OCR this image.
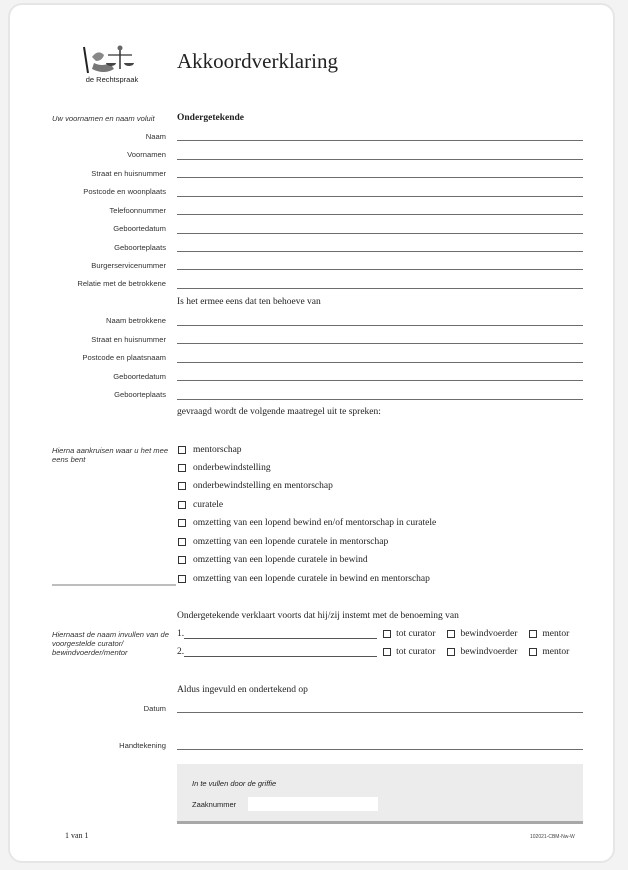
de Rechtspraak
Akkoordverklaring
Uw voornamen en naam voluit	Ondergetekende
Naam
Voornamen
Straat en huisnummer
Postcode en woonplaats
Telefoonnummer
Geboortedatum
Geboorteplaats
Burgerservicenummer
Relatie met de betrokkene
Is het ermee eens dat ten behoeve van
Naam betrokkene
Straat en huisnummer
Postcode en plaatsnaam
Geboortedatum
Geboorteplaats
gevraagd wordt de volgende maatregel uit te spreken:
Hierna aankruisen waar u het mee eens bent
mentorschap
onderbewindstelling
onderbewindstelling en mentorschap
curatele
omzetting van een lopend bewind en/of mentorschap in curatele
omzetting van een lopende curatele in mentorschap
omzetting van een lopende curatele in bewind
omzetting van een lopende curatele in bewind en mentorschap
Ondergetekende verklaart voorts dat hij/zij instemt met de benoeming van
Hiernaast de naam invullen van de voorgestelde curator/ bewindvoerder/mentor
1.	tot curator	bewindvoerder	mentor
2.	tot curator	bewindvoerder	mentor
Aldus ingevuld en ondertekend op
Datum
Handtekening
In te vullen door de griffie
Zaaknummer
1 van 1	102021-CBM-Nw-W
